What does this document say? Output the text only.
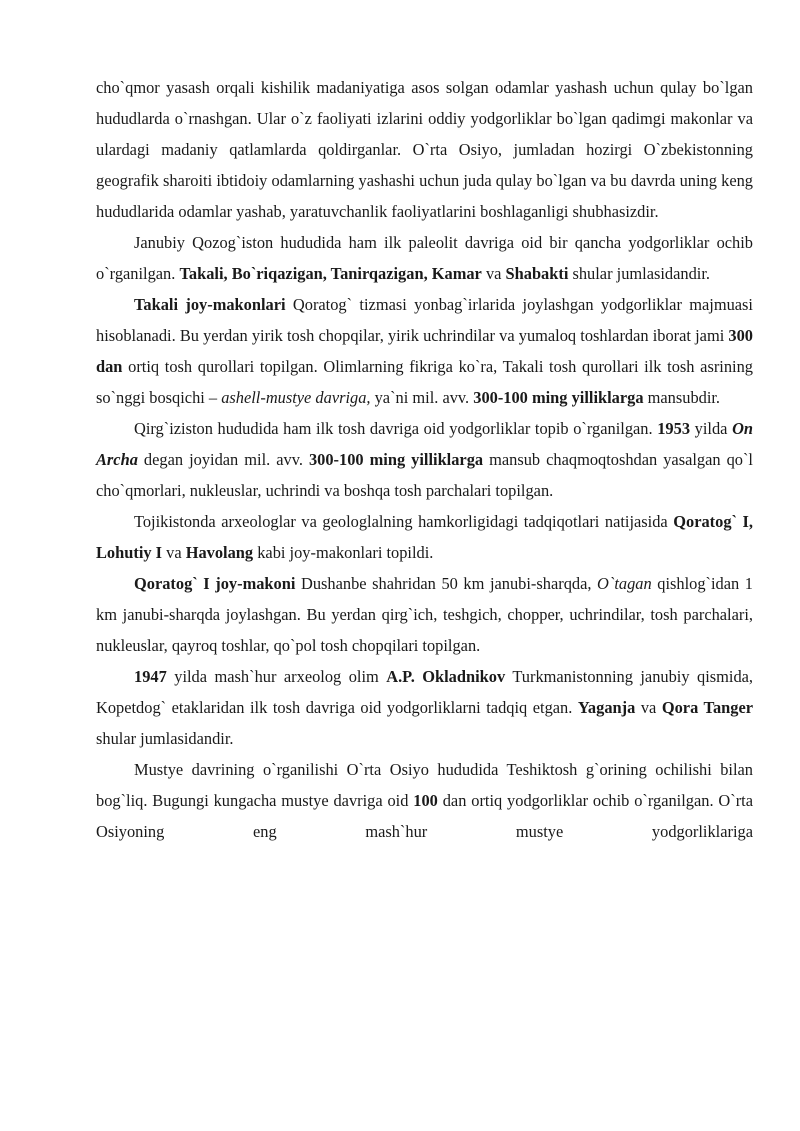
cho`qmor yasash orqali kishilik madaniyatiga asos solgan odamlar yashash uchun qulay bo`lgan hududlarda o`rnashgan. Ular o`z faoliyati izlarini oddiy yodgorliklar bo`lgan qadimgi makonlar va ulardagi madaniy qatlamlarda qoldirganlar. O`rta Osiyo, jumladan hozirgi O`zbekistonning geografik sharoiti ibtidoiy odamlarning yashashi uchun juda qulay bo`lgan va bu davrda uning keng hududlarida odamlar yashab, yaratuvchanlik faoliyatlarini boshlaganligi shubhasizdir.

Janubiy Qozog`iston hududida ham ilk paleolit davriga oid bir qancha yodgorliklar ochib o`rganilgan. Takali, Bo`riqazigan, Tanirqazigan, Kamar va Shabakti shular jumlasidandir.

Takali joy-makonlari Qoratog` tizmasi yonbag`irlarida joylashgan yodgorliklar majmuasi hisoblanadi. Bu yerdan yirik tosh chopqilar, yirik uchrindilar va yumaloq toshlardan iborat jami 300 dan ortiq tosh qurollari topilgan. Olimlarning fikriga ko`ra, Takali tosh qurollari ilk tosh asrining so`nggi bosqichi – ashell-mustye davriga, ya`ni mil. avv. 300-100 ming yilliklarga mansubdir.

Qirg`iziston hududida ham ilk tosh davriga oid yodgorliklar topib o`rganilgan. 1953 yilda On Archa degan joyidan mil. avv. 300-100 ming yilliklarga mansub chaqmoqtoshdan yasalgan qo`l cho`qmorlari, nukleuslar, uchrindi va boshqa tosh parchalari topilgan.

Tojikistonda arxeologlar va geologlalning hamkorligidagi tadqiqotlari natijasida Qoratog` I, Lohutiy I va Havolang kabi joy-makonlari topildi.

Qoratog` I joy-makoni Dushanbe shahridan 50 km janubi-sharqda, O`tagan qishlog`idan 1 km janubi-sharqda joylashgan. Bu yerdan qirg`ich, teshgich, chopper, uchrindilar, tosh parchalari, nukleuslar, qayroq toshlar, qo`pol tosh chopqilari topilgan.

1947 yilda mash`hur arxeolog olim A.P. Okladnikov Turkmanistonning janubiy qismida, Kopetdog` etaklaridan ilk tosh davriga oid yodgorliklarni tadqiq etgan. Yaganja va Qora Tanger shular jumlasidandir.

Mustye davrining o`rganilishi O`rta Osiyo hududida Teshiktosh g`orining ochilishi bilan bog`liq. Bugungi kungacha mustye davriga oid 100 dan ortiq yodgorliklar ochib o`rganilgan. O`rta Osiyoning eng mash`hur mustye yodgorliklariga
